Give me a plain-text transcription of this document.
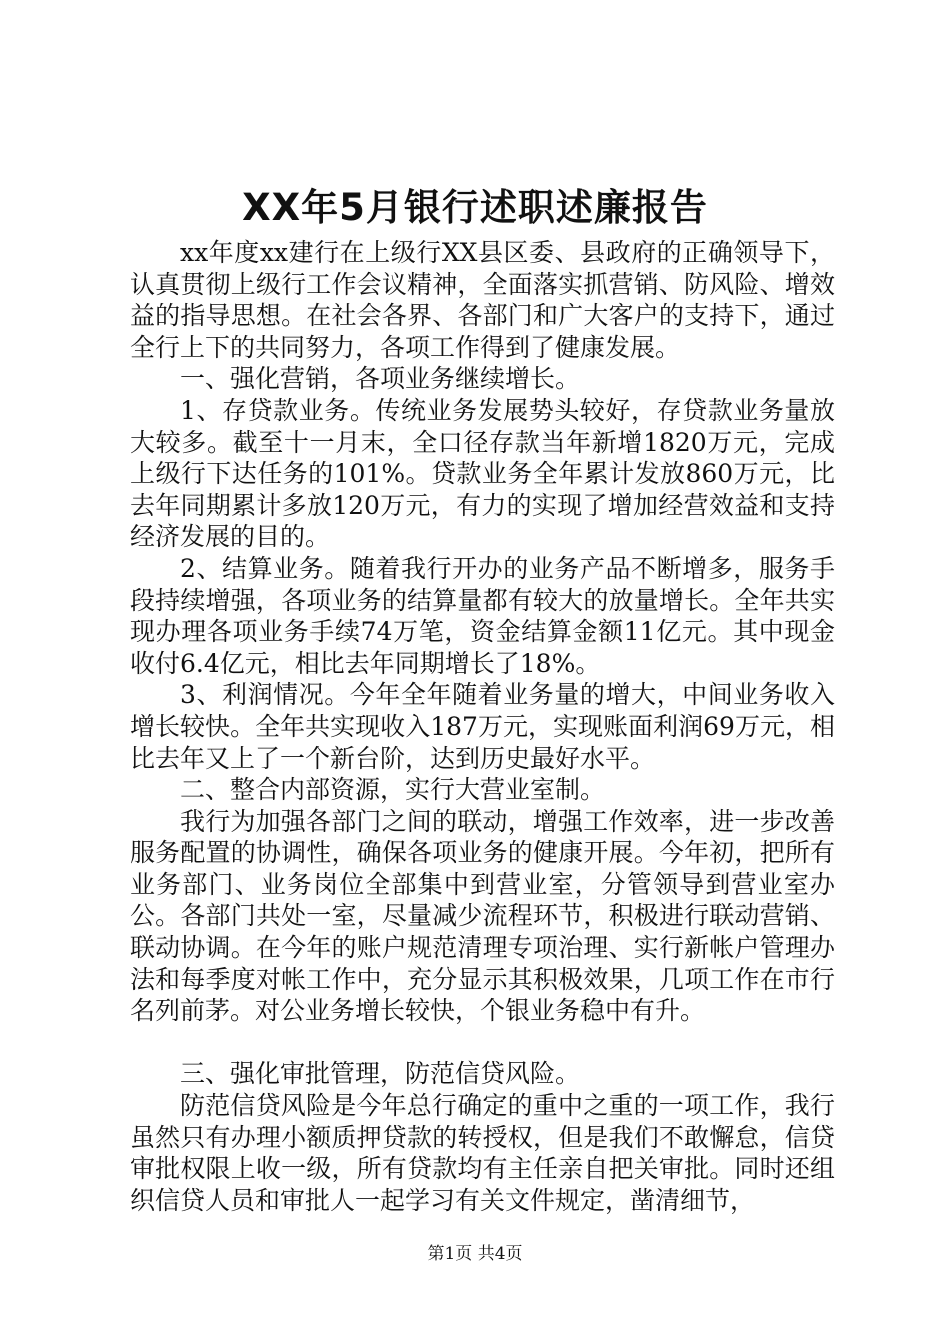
XX年5月银行述职述廉报告

xx年度xx建行在上级行XX县区委、县政府的正确领导下，认真贯彻上级行工作会议精神，全面落实抓营销、防风险、增效益的指导思想。在社会各界、各部门和广大客户的支持下，通过全行上下的共同努力，各项工作得到了健康发展。

一、强化营销，各项业务继续增长。

1、存贷款业务。传统业务发展势头较好，存贷款业务量放大较多。截至十一月末，全口径存款当年新增1820万元，完成上级行下达任务的101%。贷款业务全年累计发放860万元，比去年同期累计多放120万元，有力的实现了增加经营效益和支持经济发展的目的。

2、结算业务。随着我行开办的业务产品不断增多，服务手段持续增强，各项业务的结算量都有较大的放量增长。全年共实现办理各项业务手续74万笔，资金结算金额11亿元。其中现金收付6.4亿元，相比去年同期增长了18%。

3、利润情况。今年全年随着业务量的增大，中间业务收入增长较快。全年共实现收入187万元，实现账面利润69万元，相比去年又上了一个新台阶，达到历史最好水平。

二、整合内部资源，实行大营业室制。

我行为加强各部门之间的联动，增强工作效率，进一步改善服务配置的协调性，确保各项业务的健康开展。今年初，把所有业务部门、业务岗位全部集中到营业室，分管领导到营业室办公。各部门共处一室，尽量减少流程环节，积极进行联动营销、联动协调。在今年的账户规范清理专项治理、实行新帐户管理办法和每季度对帐工作中，充分显示其积极效果，几项工作在市行名列前茅。对公业务增长较快，个银业务稳中有升。

三、强化审批管理，防范信贷风险。

防范信贷风险是今年总行确定的重中之重的一项工作，我行虽然只有办理小额质押贷款的转授权，但是我们不敢懈怠，信贷审批权限上收一级，所有贷款均有主任亲自把关审批。同时还组织信贷人员和审批人一起学习有关文件规定，凿清细节，

第1页 共4页
